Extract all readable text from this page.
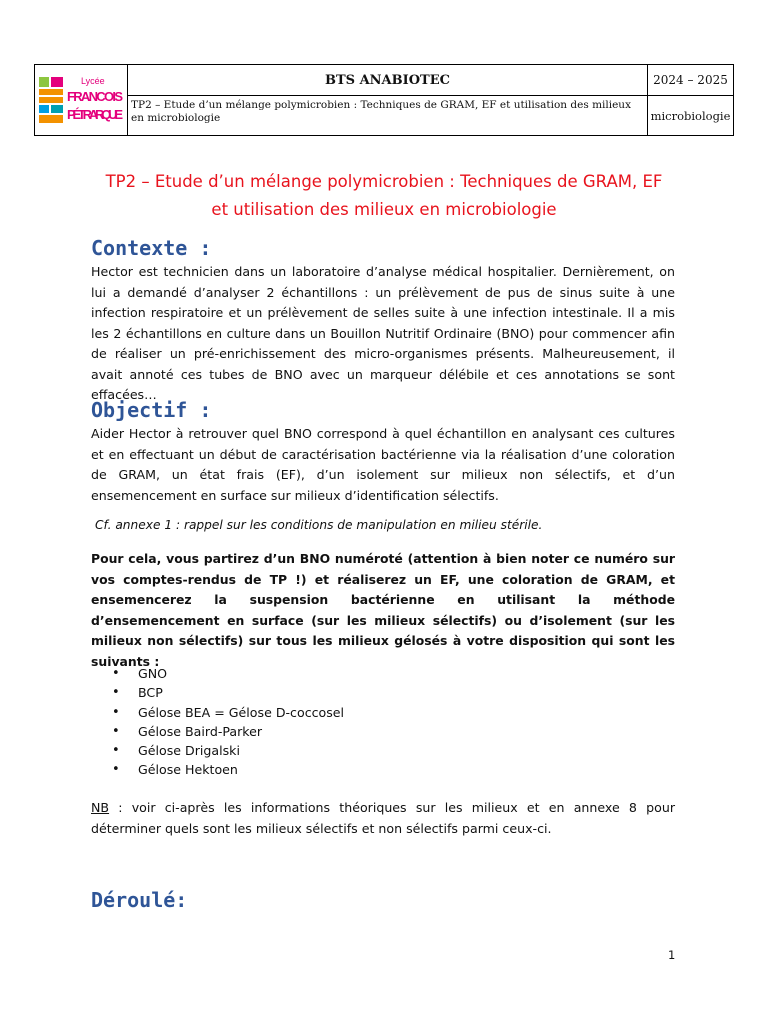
Lycée
FRANCOIS
PÉTRARQUE
BTS ANABIOTEC
TP2 – Etude d’un mélange polymicrobien : Techniques de GRAM, EF et utilisation des milieux en microbiologie
2024 – 2025
microbiologie
TP2 – Etude d’un mélange polymicrobien : Techniques de GRAM, EF
et utilisation des milieux en microbiologie
Contexte :
Hector est technicien dans un laboratoire d’analyse médical hospitalier. Dernièrement, on lui a demandé d’analyser 2 échantillons : un prélèvement de pus de sinus suite à une infection respiratoire et un prélèvement de selles suite à une infection intestinale. Il a mis les 2 échantillons en culture dans un Bouillon Nutritif Ordinaire (BNO) pour commencer afin de réaliser un pré-enrichissement des micro-organismes présents. Malheureusement, il avait annoté ces tubes de BNO avec un marqueur délébile et ces annotations se sont effacées…
Objectif :
Aider Hector à retrouver quel BNO correspond à quel échantillon en analysant ces cultures et en effectuant un début de caractérisation bactérienne via la réalisation d’une coloration de GRAM, un état frais (EF), d’un isolement sur milieux non sélectifs, et d’un ensemencement en surface sur milieux d’identification sélectifs.
Cf. annexe 1 : rappel sur les conditions de manipulation en milieu stérile.
Pour cela, vous partirez d’un BNO numéroté (attention à bien noter ce numéro sur vos comptes-rendus de TP !) et réaliserez un EF, une coloration de GRAM, et ensemencerez la suspension bactérienne en utilisant la méthode d’ensemencement en surface (sur les milieux sélectifs) ou d’isolement (sur les milieux non sélectifs) sur tous les milieux gélosés à votre disposition qui sont les suivants :
• GNO
• BCP
• Gélose BEA = Gélose D-coccosel
• Gélose Baird-Parker
• Gélose Drigalski
• Gélose Hektoen
NB : voir ci-après les informations théoriques sur les milieux et en annexe 8 pour déterminer quels sont les milieux sélectifs et non sélectifs parmi ceux-ci.
Déroulé:
1
